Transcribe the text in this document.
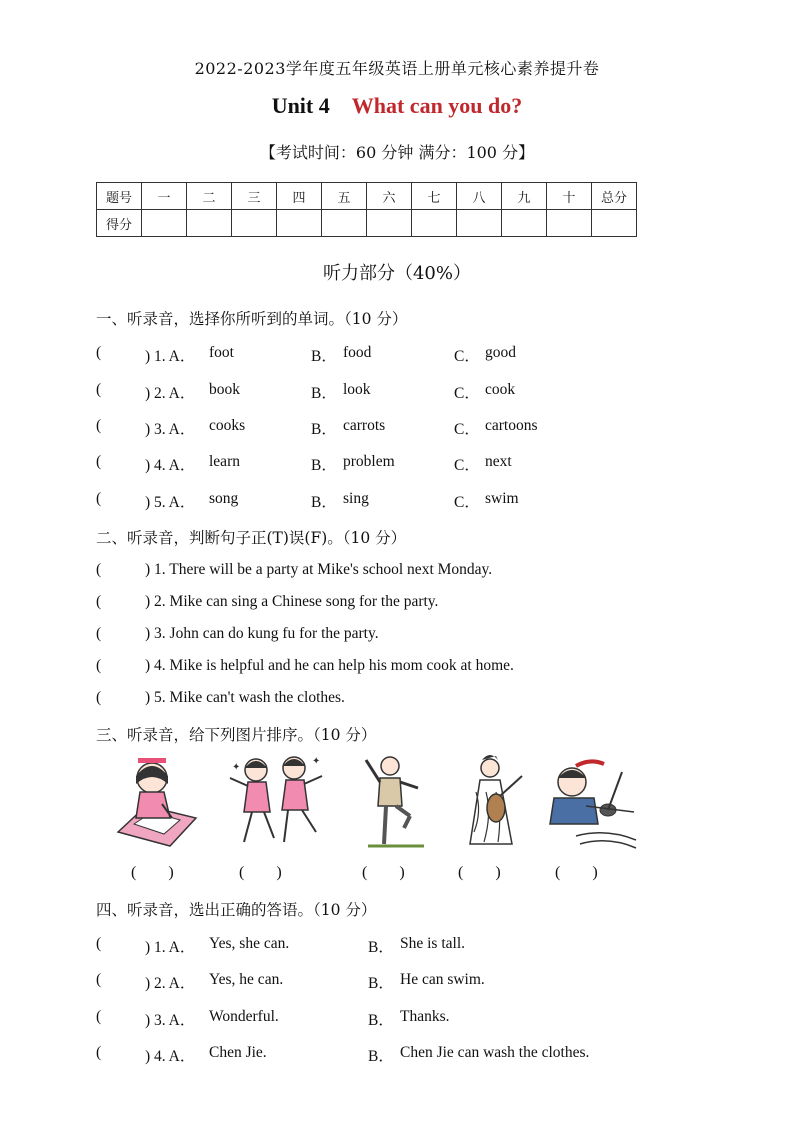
2022-2023学年度五年级英语上册单元核心素养提升卷
Unit 4 What can you do?
【考试时间：60 分钟 满分：100 分】
题号	一	二	三	四	五	六	七	八	九	十	总分
得分											
听力部分（40%）
一、听录音，选择你所听到的单词。（10 分）
(	) 1. A． foot	B． food	C． good
(	) 2. A． book	B． look	C． cook
(	) 3. A． cooks	B． carrots	C． cartoons
(	) 4. A． learn	B． problem	C． next
(	) 5. A． song	B． sing	C． swim
二、听录音，判断句子正(T)误(F)。（10 分）
(	) 1. There will be a party at Mike's school next Monday.
(	) 2. Mike can sing a Chinese song for the party.
(	) 3. John can do kung fu for the party.
(	) 4. Mike is helpful and he can help his mom cook at home.
(	) 5. Mike can't wash the clothes.
三、听录音，给下列图片排序。（10 分）
✦
✦
(        )	(        )	(        )	(        )	(        )
四、听录音，选出正确的答语。（10 分）
(	) 1. A． Yes, she can.	B． She is tall.
(	) 2. A． Yes, he can.	B． He can swim.
(	) 3. A． Wonderful.	B． Thanks.
(	) 4. A． Chen Jie.	B． Chen Jie can wash the clothes.
